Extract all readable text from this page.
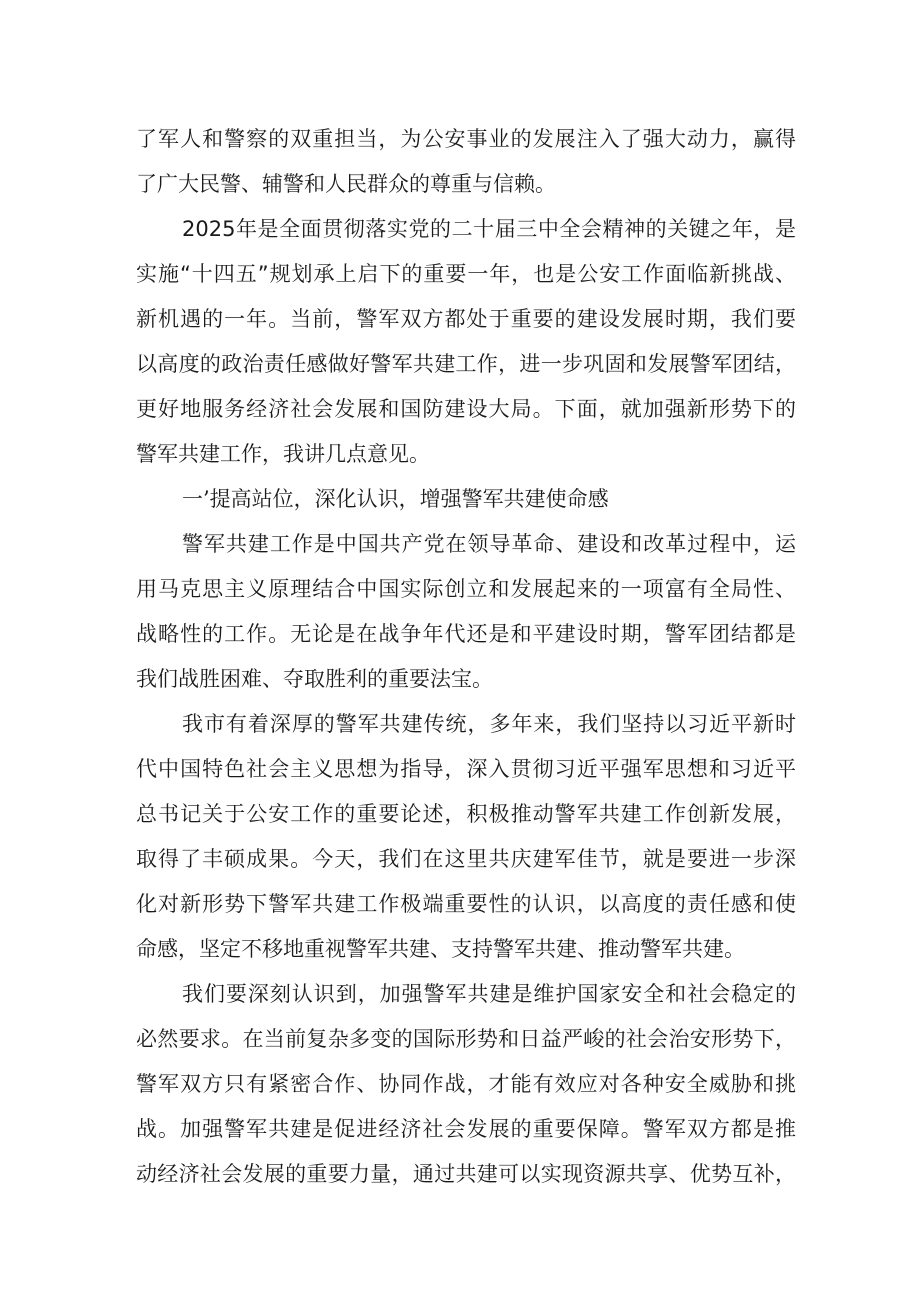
了军人和警察的双重担当，为公安事业的发展注入了强大动力，赢得
了广大民警、辅警和人民群众的尊重与信赖。
2025年是全面贯彻落实党的二十届三中全会精神的关键之年，是
实施“十四五”规划承上启下的重要一年，也是公安工作面临新挑战、
新机遇的一年。当前，警军双方都处于重要的建设发展时期，我们要
以高度的政治责任感做好警军共建工作，进一步巩固和发展警军团结，
更好地服务经济社会发展和国防建设大局。下面，就加强新形势下的
警军共建工作，我讲几点意见。
一’提高站位，深化认识，增强警军共建使命感
警军共建工作是中国共产党在领导革命、建设和改革过程中，运
用马克思主义原理结合中国实际创立和发展起来的一项富有全局性、
战略性的工作。无论是在战争年代还是和平建设时期，警军团结都是
我们战胜困难、夺取胜利的重要法宝。
我市有着深厚的警军共建传统，多年来，我们坚持以习近平新时
代中国特色社会主义思想为指导，深入贯彻习近平强军思想和习近平
总书记关于公安工作的重要论述，积极推动警军共建工作创新发展，
取得了丰硕成果。今天，我们在这里共庆建军佳节，就是要进一步深
化对新形势下警军共建工作极端重要性的认识，以高度的责任感和使
命感，坚定不移地重视警军共建、支持警军共建、推动警军共建。
我们要深刻认识到，加强警军共建是维护国家安全和社会稳定的
必然要求。在当前复杂多变的国际形势和日益严峻的社会治安形势下，
警军双方只有紧密合作、协同作战，才能有效应对各种安全威胁和挑
战。加强警军共建是促进经济社会发展的重要保障。警军双方都是推
动经济社会发展的重要力量，通过共建可以实现资源共享、优势互补，
